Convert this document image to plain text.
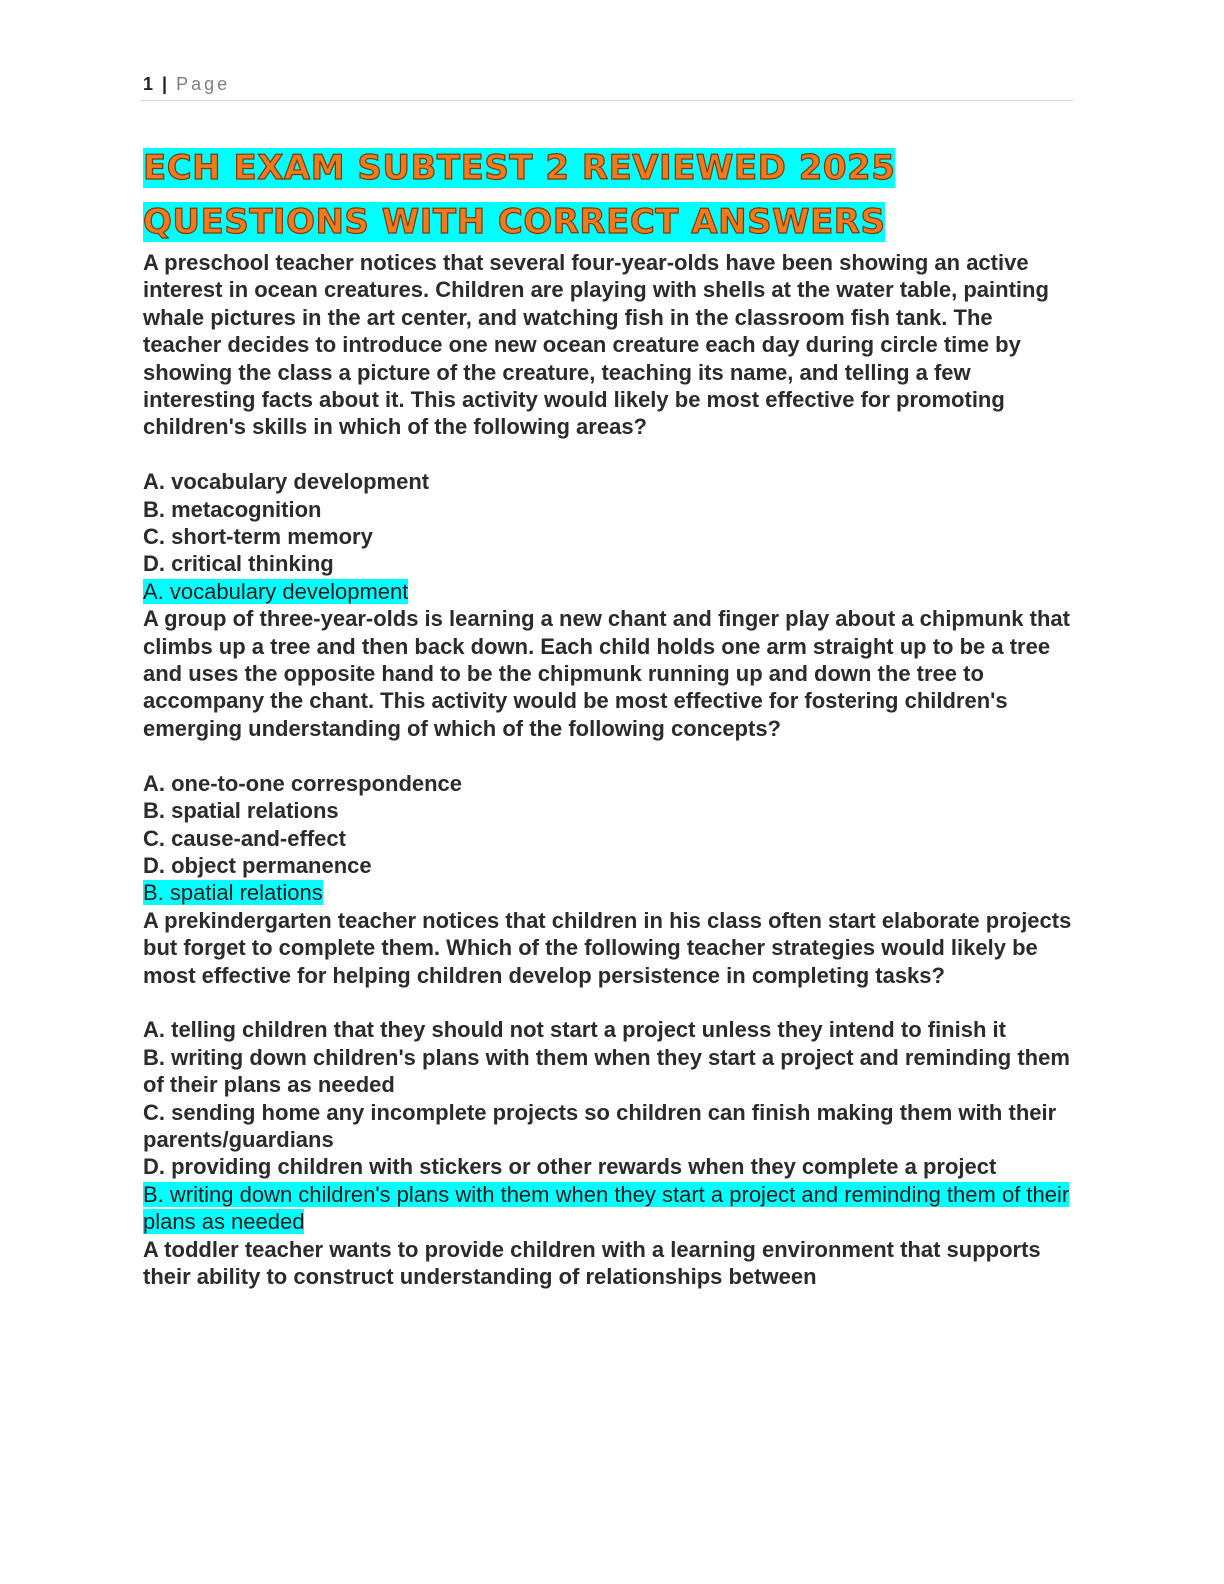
1 | Page
ECH EXAM SUBTEST 2 REVIEWED 2025
QUESTIONS WITH CORRECT ANSWERS

A preschool teacher notices that several four-year-olds have been showing an active interest in ocean creatures. Children are playing with shells at the water table, painting whale pictures in the art center, and watching fish in the classroom fish tank. The teacher decides to introduce one new ocean creature each day during circle time by showing the class a picture of the creature, teaching its name, and telling a few interesting facts about it. This activity would likely be most effective for promoting children's skills in which of the following areas?

A. vocabulary development

B. metacognition

C. short-term memory

D. critical thinking

A. vocabulary development

A group of three-year-olds is learning a new chant and finger play about a chipmunk that climbs up a tree and then back down. Each child holds one arm straight up to be a tree and uses the opposite hand to be the chipmunk running up and down the tree to accompany the chant. This activity would be most effective for fostering children's emerging understanding of which of the following concepts?

A. one-to-one correspondence

B. spatial relations

C. cause-and-effect

D. object permanence

B. spatial relations

A prekindergarten teacher notices that children in his class often start elaborate projects but forget to complete them. Which of the following teacher strategies would likely be most effective for helping children develop persistence in completing tasks?

A. telling children that they should not start a project unless they intend to finish it

B. writing down children's plans with them when they start a project and reminding them of their plans as needed

C. sending home any incomplete projects so children can finish making them with their parents/guardians

D. providing children with stickers or other rewards when they complete a project

B. writing down children's plans with them when they start a project and reminding them of their plans as needed

A toddler teacher wants to provide children with a learning environment that supports their ability to construct understanding of relationships between
